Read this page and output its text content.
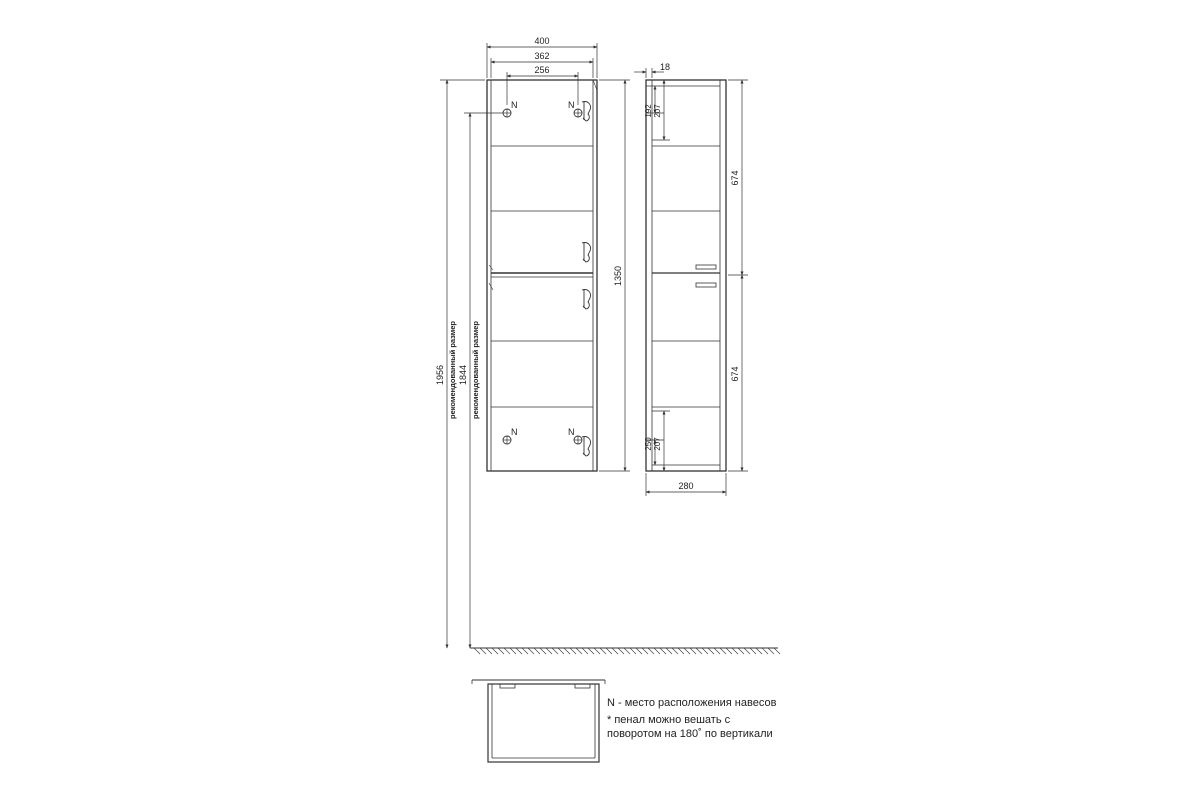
N	N
N	N
400
362
256
1350
1956 рекомендованный размер 1844 рекомендованный размер
18
192 207
250 207
674
674
280
N - место расположения навесов
* пенал можно вешать с
поворотом на 180˚ по вертикали
